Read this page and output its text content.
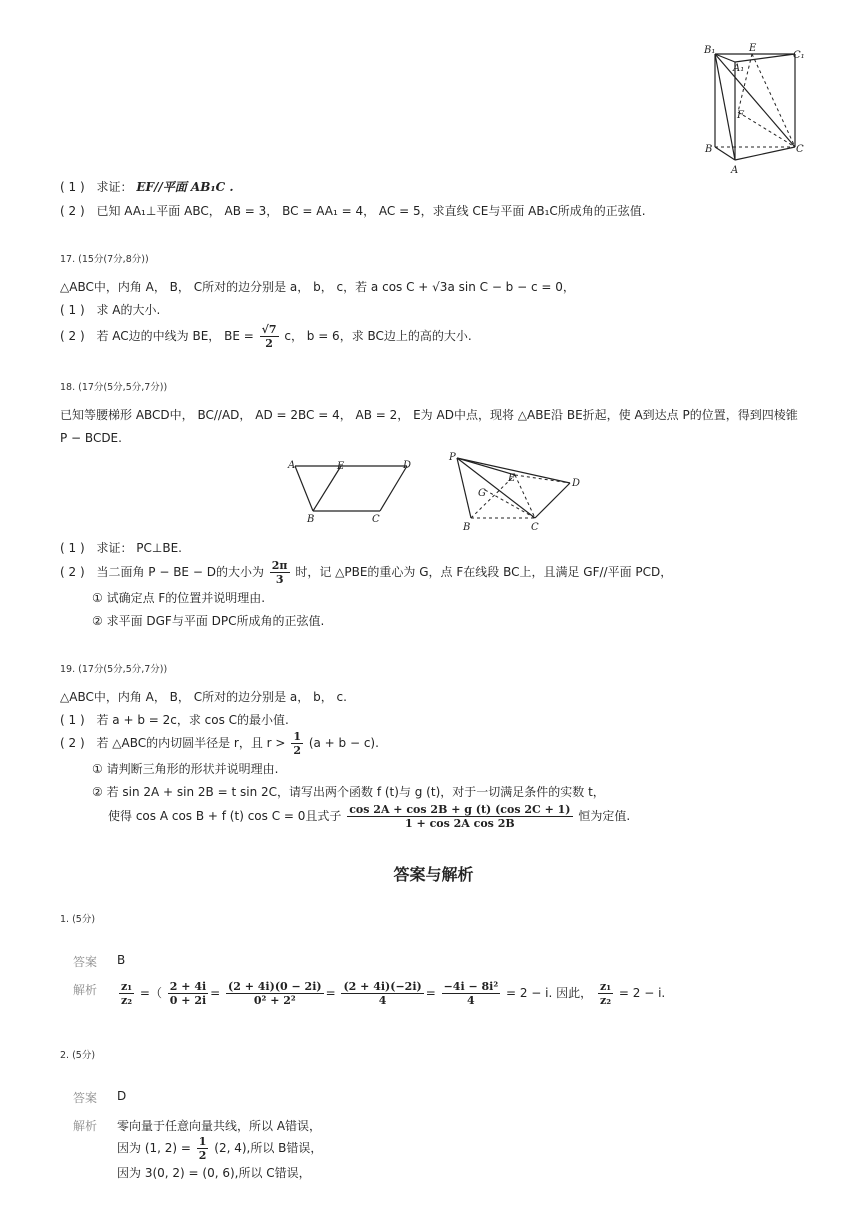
B₁	E
C₁
A₁
F
B	C
A
( 1 ) 求证： EF//平面 AB₁C .
( 2 ) 已知 AA₁⊥平面 ABC， AB = 3， BC = AA₁ = 4， AC = 5，求直线 CE与平面 AB₁C所成角的正弦值.
17. (15分(7分,8分))
△ABC中，内角 A， B， C所对的边分别是 a， b， c，若 a cos C + √3a sin C − b − c = 0，
( 1 ) 求 A的大小.
( 2 ) 若 AC边的中线为 BE， BE = $\frac{√7}{2}$ c， b = 6，求 BC边上的高的大小.
18. (17分(5分,5分,7分))
已知等腰梯形 ABCD中， BC//AD， AD = 2BC = 4， AB = 2， E为 AD中点，现将 △ABE沿 BE折起，使 A到达点 P的位置，得到四棱锥
P − BCDE.
A	E	D
B	C
P
E	D
G
B	C
( 1 ) 求证： PC⊥BE.
( 2 ) 当二面角 P − BE − D的大小为 $\frac{2\pi}{3}$ 时，记 △PBE的重心为 G，点 F在线段 BC上，且满足 GF//平面 PCD，
① 试确定点 F的位置并说明理由.
② 求平面 DGF与平面 DPC所成角的正弦值.
19. (17分(5分,5分,7分))
△ABC中，内角 A， B， C所对的边分别是 a， b， c.
( 1 ) 若 a + b = 2c，求 cos C的最小值.
( 2 ) 若 △ABC的内切圆半径是 r，且 $r > \frac{1}{2} (a + b - c)$.
① 请判断三角形的形状并说明理由.
② 若 sin 2A + sin 2B = t sin 2C，请写出两个函数 f (t)与 g (t)，对于一切满足条件的实数 t，
使得 cos A cos B + f (t) cos C = 0且式子 $\frac{\cos 2A + \cos 2B + g (t) (\cos 2C + 1)}{\text{1 + cos 2A cos 2B}}$ 恒为定值.
答案与解析
1. (5分)
答案 B
解析 $\frac{\text{z₁}}{\text{z₂}}$ =（ $\frac{2 + 4i}{0 + 2i} = \frac{(2 + 4i)(0 - 2i)}{\text{0² + 2²}} = \frac{(2 + 4i)(-2i)}{4} = \frac{\text{−4i − 8i²}}{4} = 2 - i$. 因此， $\frac{\text{z₁}}{\text{z₂}} = 2 - i$.
2. (5分)
答案 D
解析 零向量于任意向量共线，所以 A错误，
因为 (1, $2) = \frac{1}{2} (2$, 4),所以 B错误，
因为 3(0, 2) = (0, 6),所以 C错误，
